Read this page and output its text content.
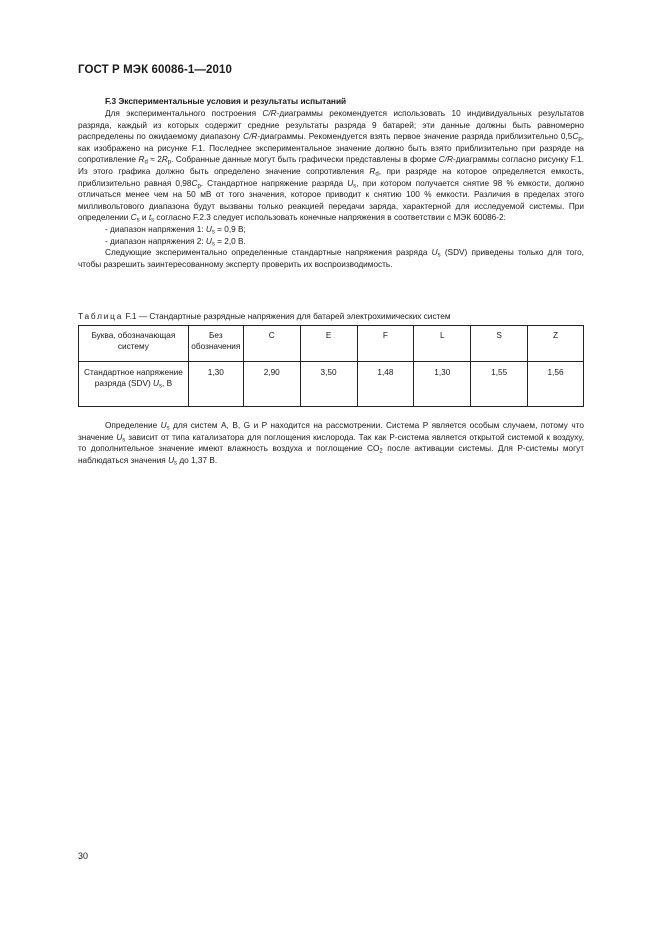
ГОСТ Р МЭК 60086-1—2010
F.3 Экспериментальные условия и результаты испытаний

Для экспериментального построения C/R-диаграммы рекомендуется использовать 10 индивидуальных результатов разряда, каждый из которых содержит средние результаты разряда 9 батарей; эти данные должны быть равномерно распределены по ожидаемому диапазону C/R-диаграммы. Рекомендуется взять первое значение разряда приблизительно $0,5C_p$, как изображено на рисунке F.1. Последнее экспериментальное значение должно быть взято приблизительно при разряде на сопротивление $R_d \approx 2R_p$. Собранные данные могут быть графически представлены в форме C/R-диаграммы согласно рисунку F.1. Из этого графика должно быть определено значение сопротивления $R_d$, при разряде на которое определяется емкость, приблизительно равная $0,98C_p$. Стандартное напряжение разряда $U_s$, при котором получается снятие 98 % емкости, должно отличаться менее чем на 50 мВ от того значения, которое приводит к снятию 100 % емкости. Различия в пределах этого милливольтового диапазона будут вызваны только реакцией передачи заряда, характерной для исследуемой системы. При определении $C_s$ и $t_s$ согласно F.2.3 следует использовать конечные напряжения в соответствии с МЭК 60086-2:

- диапазон напряжения 1: $U_s = 0,9$ В;

- диапазон напряжения 2: $U_s = 2,0$ В.

Следующие экспериментально определенные стандартные напряжения разряда $U_s$ (SDV) приведены только для того, чтобы разрешить заинтересованному эксперту проверить их воспроизводимость.

Таблица F.1 — Стандартные разрядные напряжения для батарей электрохимических систем
Буква, обозначающая систему	Без обозначения	C	E	F	L	S	Z
Стандартное напряжение разряда (SDV) $U_s$, В	1,30	2,90	3,50	1,48	1,30	1,55	1,56

Определение $U_s$ для систем A, B, G и P находится на рассмотрении. Система P является особым случаем, потому что значение $U_s$ зависит от типа катализатора для поглощения кислорода. Так как P-система является открытой системой к воздуху, то дополнительное значение имеют влажность воздуха и поглощение $CO_2$ после активации системы. Для P-системы могут наблюдаться значения $U_s$ до 1,37 В.

30
